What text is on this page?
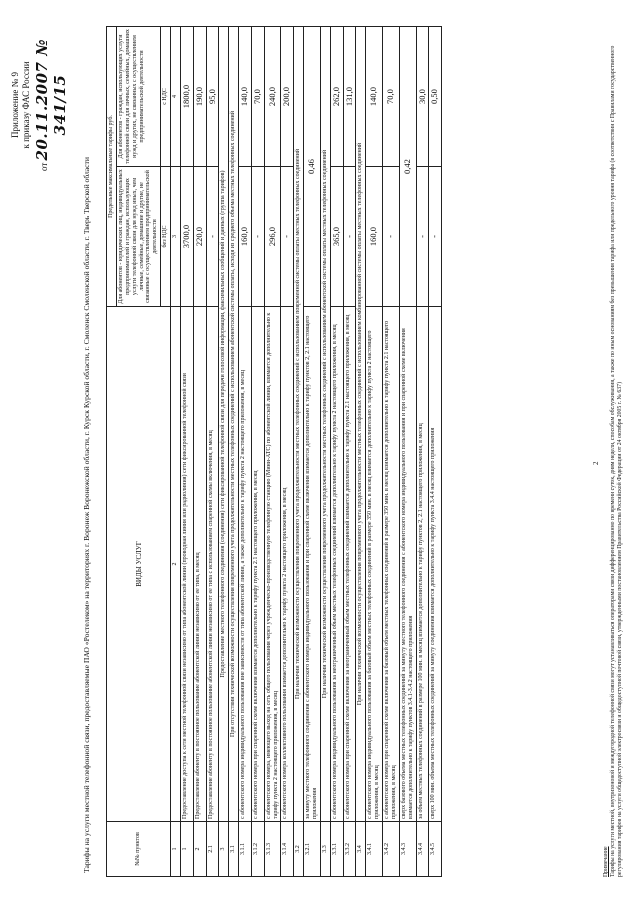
Приложение № 9 к приказу ФАС России
от 20.11.2007 № 341/15
Тарифы на услуги местной телефонной связи, предоставляемые ПАО «Ростелеком» на территориях г. Воронеж Воронежской области, г. Курск Курской области, г. Смоленск Смоленской области, г. Тверь Тверской области	№№ пунктов	ВИДЫ УСЛУГ	Предельные максимальные тарифы руб.	
		Для абонентов - юридических лиц, индивидуальных предпринимателей и граждан, использующих услуги телефонной связи для нужд иных, чем личные, семейные, домашние и другие, не связанные с осуществлением предпринимательской деятельности	Для абонентов - граждан, использующих услуги телефонной связи для личных, семейных, домашних нужд и других, не связанных с осуществлением предпринимательской деятельности
		без НДС	с НДС
1	2	3	4
1	Предоставление доступа к сети местной телефонной связи независимо от типа абонентской линии (проводная линия или радиолиния) сети фиксированной телефонной связи	3700,0	1800,0
2	Предоставление абоненту в постоянное пользование абонентской линии независимо от ее типа, в месяц	220,0	190,0
2.1	Предоставление абоненту в постоянное пользование абонентской линии независимо от ее типа с использованием спаренной схемы включения, в месяц	-	95,0
3	Предоставление местного телефонного соединения (соединения) сети фиксированной телефонной связи для передачи голосовой информации, факсимильных сообщений и данных (группа тарифов)		
3.1	При отсутствии технической возможности осуществления повременного учета продолжительности местных телефонных соединений с использованием абонентской системы оплаты, исходя из среднего объема местных телефонных соединений		
3.1.1	с абонентского номера индивидуального пользования вне зависимости от типа абонентской линии, а также дополнительно к тарифу пункта 2 настоящего приложения, в месяц	160,0	140,0
3.1.2	с абонентского номера при спаренной схеме включения взимается дополнительно к тарифу пункта 2.1 настоящего приложения, в месяц	-	70,0
3.1.3	с абонентского номера, имеющего выход на сеть общего пользования через учрежденческо-производственную телефонную станцию (Мини-АТС) по абонентской линии, взимается дополнительно к тарифу пункта 2 настоящего приложения, в месяц	296,0	240,0
3.1.4	с абонентского номера коллективного пользования взимается дополнительно к тарифу пункта 2 настоящего приложения, в месяц	-	200,0
3.2	При наличии технической возможности осуществления повременного учета продолжительности местных телефонных соединений с использованием повременной системы оплаты местных телефонных соединений		
3.2.1	за минуту местного телефонного соединения с абонентского номера индивидуального пользования и при спаренной схеме включения взимается дополнительно к тарифу пунктов 2, 2.1 настоящего приложения	0,46	
3.3	При наличии технической возможности осуществления повременного учета продолжительности местных телефонных соединений с использованием абонентской системы оплаты местных телефонных соединений		
3.3.1	с абонентского номера индивидуального пользования за неограниченный объем местных телефонных соединений взимается дополнительно к тарифу пункта 2 настоящего приложения, в месяц	365,0	262,0
3.3.2	с абонентского номера при спаренной схеме включения за неограниченный объем местных телефонных соединений взимается дополнительно к тарифу пункта 2.1 настоящего приложения, в месяц	-	131,0
3.4	При наличии технической возможности осуществления повременного учета продолжительности местных телефонных соединений с использованием комбинированной системы оплаты местных телефонных соединений		
3.4.1	с абонентского номера индивидуального пользования за базовый объем местных телефонных соединений в размере 350 мин. в месяц взимается дополнительно к тарифу пункта 2 настоящего приложения, в месяц	160,0	140,0
3.4.2	с абонентского номера при спаренной схеме включения за базовый объем местных телефонных соединений в размере 350 мин. в месяц взимается дополнительно к тарифу пункта 2.1 настоящего приложения, в месяц	-	70,0
3.4.3	сверх базового объема местных телефонных соединений за минуту местного телефонного соединения с абонентского номера индивидуального пользования и при спаренной схеме включения взимается дополнительно к тарифу пунктов 3.4.1-3.4.2 настоящего приложения	0,42	
3.4.4	за объем местных телефонных соединений в размере 100 мин. в месяц взимается дополнительно к тарифу пунктов 2, 2.1 настоящего приложения, в месяц	-	30,0
3.4.5	сверх 100 мин. объема местных телефонных соединений за минуту соединения взимается дополнительно к тарифу пункта 3.4.4 настоящего приложения	-	0,50
2
Примечание Тарифы на услуги местной, внутризоновой и междугородной телефонной связи могут устанавливаться операторами связи дифференцированно по времени суток, дням недели, способам обслуживания, а также по иным основаниям без превышения тарифа или предельного уровня тарифа (в соответствии с Правилами государственного регулирования тарифов на услуги общедоступной электросвязи и общедоступной почтовой связи, утвержденными постановлением Правительства Российской Федерации от 24 октября 2005 г. № 637)
